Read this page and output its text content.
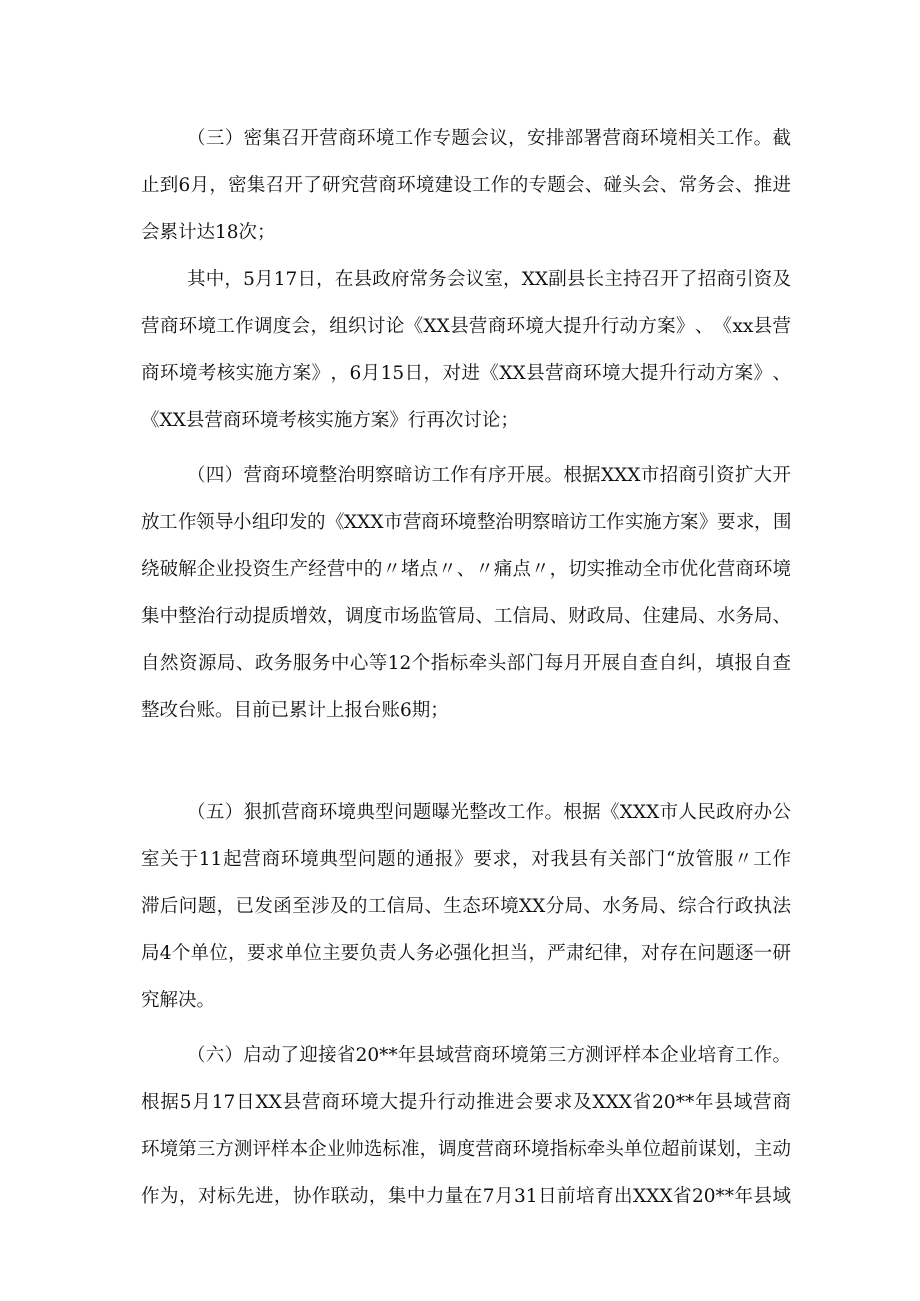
（ 三 ） 密 集 召 开 营 商 环 境 工 作 专 题 会 议 ， 安 排 部 署 营 商 环 境 相 关 工 作 。 截
止 到 6 月 ， 密 集 召 开 了 研 究 营 商 环 境 建 设 工 作 的 专 题 会 、 碰 头 会 、 常 务 会 、 推 进
会 累 计 达 18 次 ；
其 中 ， 5 月 17 日 ， 在 县 政 府 常 务 会 议 室 ， XX 副 县 长 主 持 召 开 了 招 商 引 资 及
营 商 环 境 工 作 调 度 会 ， 组 织 讨 论 《 XX 县 营 商 环 境 大 提 升 行 动 方 案 》 、 《 xx 县 营
商 环 境 考 核 实 施 方 案 》 ， 6 月 15 日 ， 对 进 《 XX 县 营 商 环 境 大 提 升 行 动 方 案 》 、
《 XX 县 营 商 环 境 考 核 实 施 方 案 》 行 再 次 讨 论 ；
（ 四 ） 营 商 环 境 整 治 明 察 暗 访 工 作 有 序 开 展 。 根 据 XXX 市 招 商 引 资 扩 大 开
放 工 作 领 导 小 组 印 发 的 《 XXX 市 营 商 环 境 整 治 明 察 暗 访 工 作 实 施 方 案 》 要 求 ， 围
绕 破 解 企 业 投 资 生 产 经 营 中 的 〃 堵 点 〃 、 〃 痛 点 〃 ， 切 实 推 动 全 市 优 化 营 商 环 境
集 中 整 治 行 动 提 质 增 效 ， 调 度 市 场 监 管 局 、 工 信 局 、 财 政 局 、 住 建 局 、 水 务 局 、
自 然 资 源 局 、 政 务 服 务 中 心 等 12 个 指 标 牵 头 部 门 每 月 开 展 自 查 自 纠 ， 填 报 自 查
整 改 台 账 。 目 前 已 累 计 上 报 台 账 6 期 ；
（ 五 ） 狠 抓 营 商 环 境 典 型 问 题 曝 光 整 改 工 作 。 根 据 《 XXX 市 人 民 政 府 办 公
室 关 于 11 起 营 商 环 境 典 型 问 题 的 通 报 》 要 求 ， 对 我 县 有 关 部 门 “ 放 管 服 〃 工 作
滞 后 问 题 ， 已 发 函 至 涉 及 的 工 信 局 、 生 态 环 境 XX 分 局 、 水 务 局 、 综 合 行 政 执 法
局 4 个 单 位 ， 要 求 单 位 主 要 负 责 人 务 必 强 化 担 当 ， 严 肃 纪 律 ， 对 存 在 问 题 逐 一 研
究 解 决 。
（ 六 ） 启 动 了 迎 接 省 20** 年 县 域 营 商 环 境 第 三 方 测 评 样 本 企 业 培 育 工 作 。
根 据 5 月 17 日 XX 县 营 商 环 境 大 提 升 行 动 推 进 会 要 求 及 XXX 省 20** 年 县 域 营 商
环 境 第 三 方 测 评 样 本 企 业 帅 选 标 准 ， 调 度 营 商 环 境 指 标 牵 头 单 位 超 前 谋 划 ， 主 动
作 为 ， 对 标 先 进 ， 协 作 联 动 ， 集 中 力 量 在 7 月 31 日 前 培 育 出 XXX 省 20** 年 县 域
